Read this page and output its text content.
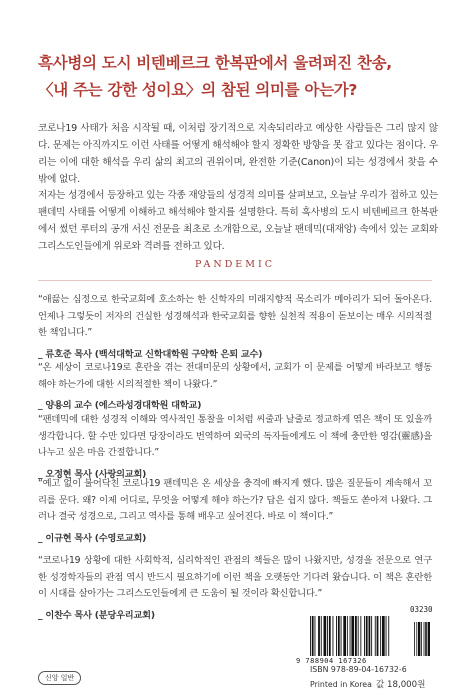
흑사병의 도시 비텐베르크 한복판에서 울려퍼진 찬송,
〈내 주는 강한 성이요〉의 참된 의미를 아는가?

코로나19 사태가 처음 시작될 때, 이처럼 장기적으로 지속되리라고 예상한 사람들은 그리 많지 않다. 문제는 아직까지도 이런 사태를 어떻게 해석해야 할지 정확한 방향을 못 잡고 있다는 점이다. 우리는 이에 대한 해석을 우리 삶의 최고의 권위이며, 완전한 기준(Canon)이 되는 성경에서 찾을 수밖에 없다.

저자는 성경에서 등장하고 있는 각종 재앙들의 성경적 의미를 살펴보고, 오늘날 우리가 접하고 있는 팬데믹 사태를 어떻게 이해하고 해석해야 할지를 설명한다. 특히 흑사병의 도시 비텐베르크 한복판에서 썼던 루터의 공개 서신 전문을 최초로 소개함으로, 오늘날 팬데믹(대재앙) 속에서 있는 교회와 그리스도인들에게 위로와 격려를 전하고 있다.

PANDEMIC
“애끓는 심정으로 한국교회에 호소하는 한 신학자의 미래지향적 목소리가 메아리가 되어 돌아온다. 언제나 그렇듯이 저자의 건실한 성경해석과 한국교회를 향한 실천적 적용이 돋보이는 매우 시의적절한 책입니다.”
_ 류호준 목사 (백석대학교 신학대학원 구약학 은퇴 교수)
“온 세상이 코로나19로 혼란을 겪는 전대미문의 상황에서, 교회가 이 문제를 어떻게 바라보고 행동해야 하는가에 대한 시의적절한 책이 나왔다.”
_ 양용의 교수 (에스라성경대학원 대학교)
“팬데믹에 대한 성경적 이해와 역사적인 통찰을 이처럼 씨줄과 날줄로 정교하게 엮은 책이 또 있을까 생각합니다. 할 수만 있다면 당장이라도 번역하여 외국의 독자들에게도 이 책에 충만한 영감(靈感)을 나누고 싶은 마음 간절합니다.”
_ 오정현 목사 (사랑의교회)
“예고 없이 불어닥친 코로나19 팬데믹은 온 세상을 충격에 빠지게 했다. 많은 질문들이 계속해서 꼬리를 문다. 왜? 이제 어디로, 무엇을 어떻게 해야 하는가? 답은 쉽지 않다. 책들도 쏟아져 나왔다. 그러나 결국 성경으로, 그리고 역사를 통해 배우고 싶어진다. 바로 이 책이다.”
_ 이규현 목사 (수영로교회)
“코로나19 상황에 대한 사회학적, 심리학적인 관점의 책들은 많이 나왔지만, 성경을 전문으로 연구한 성경학자들의 관점 역시 반드시 필요하기에 이런 책을 오랫동안 기다려 왔습니다. 이 책은 혼란한 이 시대를 살아가는 그리스도인들에게 큰 도움이 될 것이라 확신합니다.”
_ 이찬수 목사 (분당우리교회)	03230
9 788904 167326
ISBN 978-89-04-16732-6
Printed in Korea 값 18,000원
신앙 일반
